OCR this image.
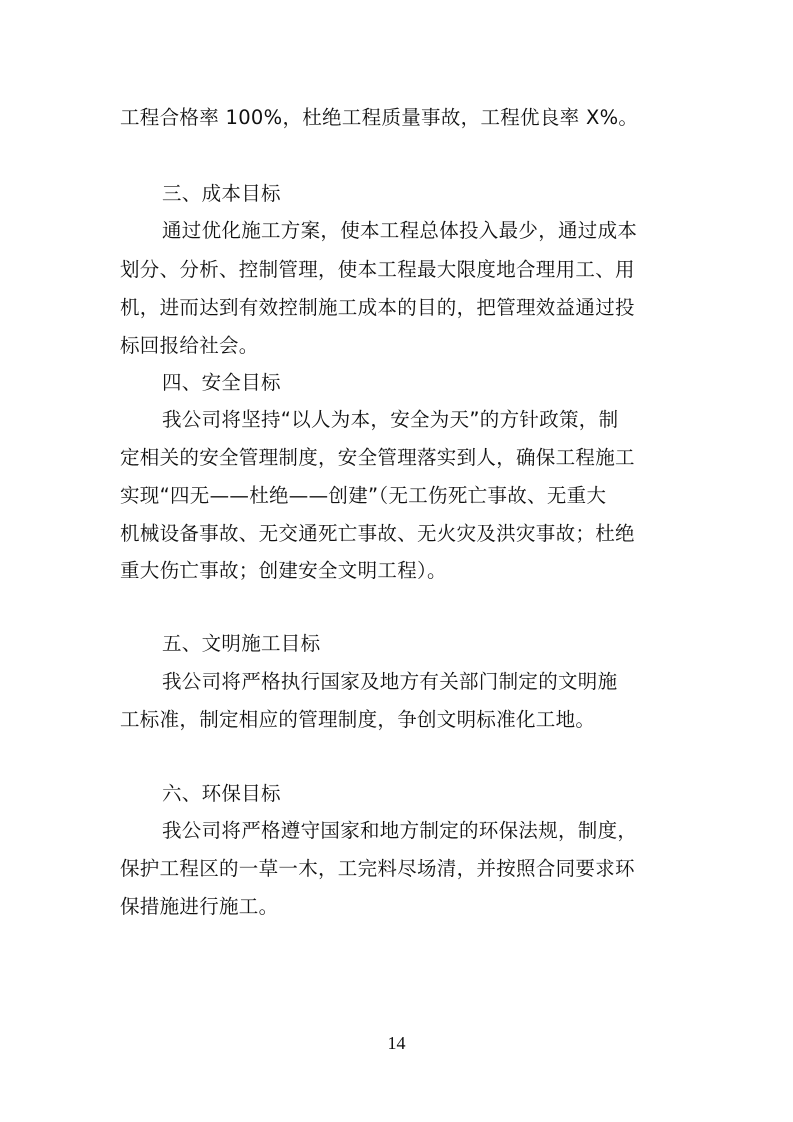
工程合格率 100%，杜绝工程质量事故，工程优良率 X%。
三、成本目标
通过优化施工方案，使本工程总体投入最少，通过成本
划分、分析、控制管理，使本工程最大限度地合理用工、用
机，进而达到有效控制施工成本的目的，把管理效益通过投
标回报给社会。
四、安全目标
我公司将坚持“以人为本，安全为天”的方针政策，制
定相关的安全管理制度，安全管理落实到人，确保工程施工
实现“四无——杜绝——创建”（无工伤死亡事故、无重大
机械设备事故、无交通死亡事故、无火灾及洪灾事故；杜绝
重大伤亡事故；创建安全文明工程）。
五、文明施工目标
我公司将严格执行国家及地方有关部门制定的文明施
工标准，制定相应的管理制度，争创文明标准化工地。
六、环保目标
我公司将严格遵守国家和地方制定的环保法规，制度，
保护工程区的一草一木，工完料尽场清，并按照合同要求环
保措施进行施工。
14
